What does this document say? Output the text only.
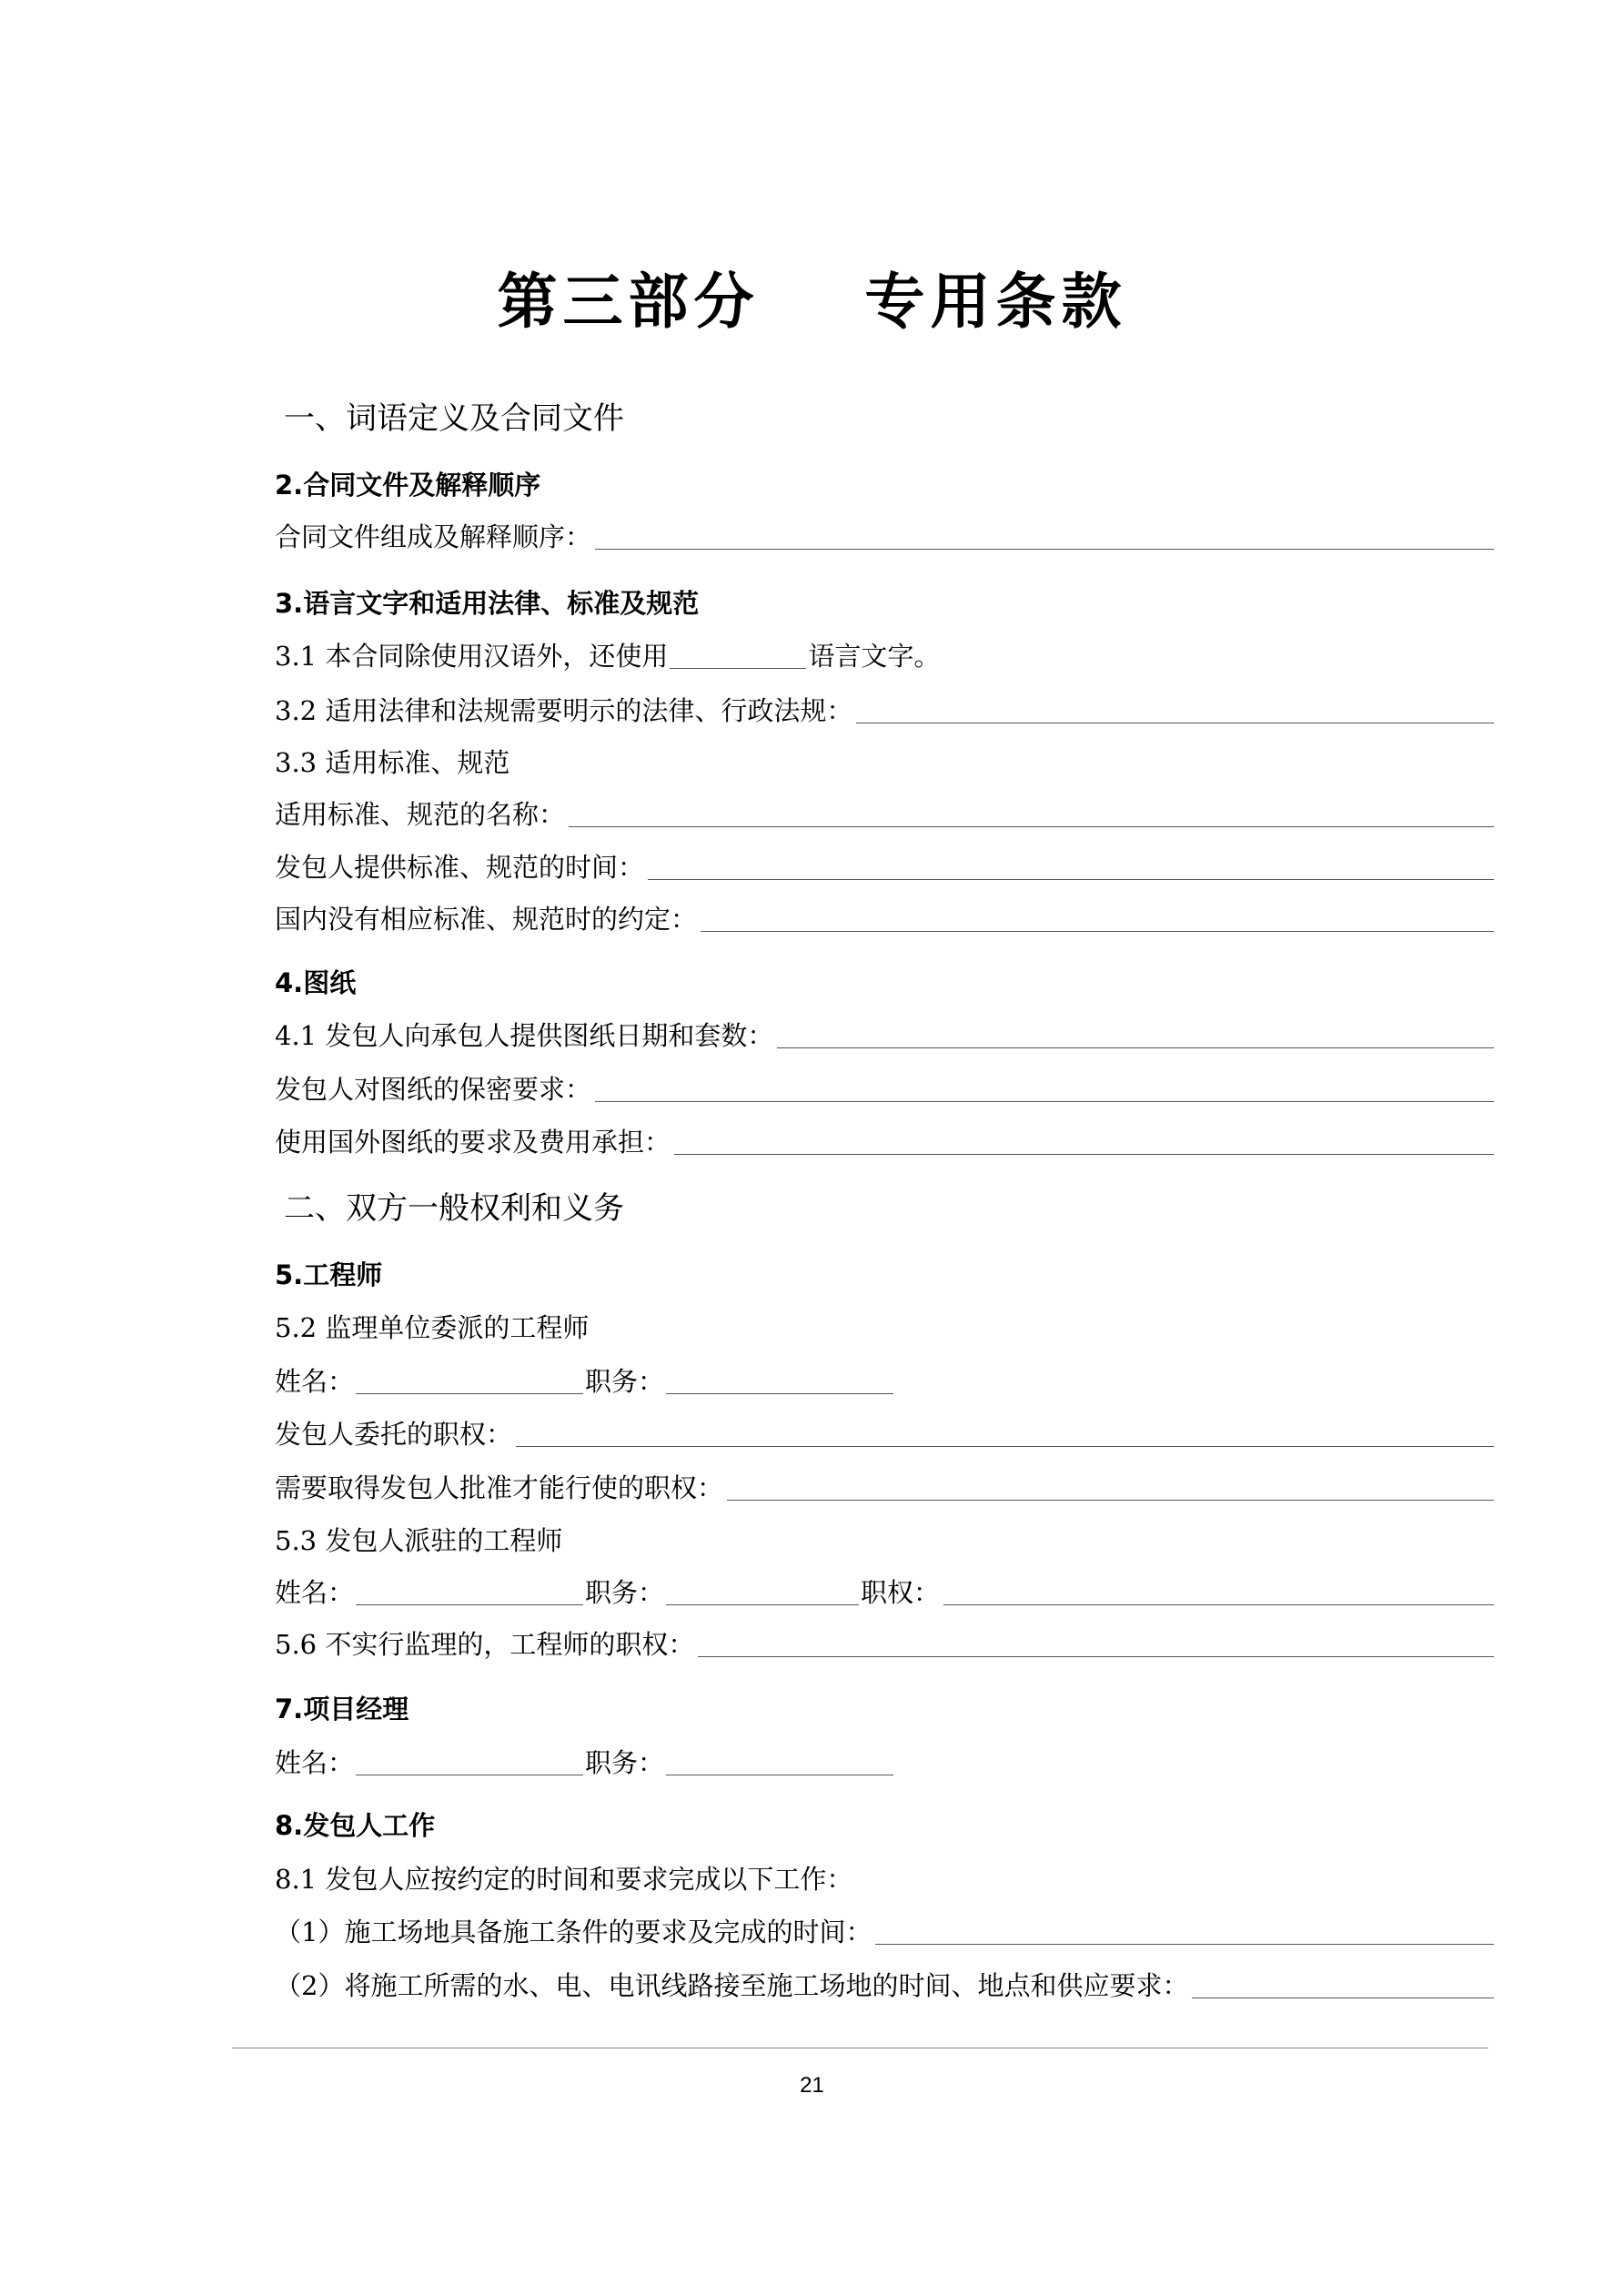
第三部分    专用条款
一、词语定义及合同文件
2.合同文件及解释顺序
合同文件组成及解释顺序：
3.语言文字和适用法律、标准及规范
3.1 本合同除使用汉语外，还使用	语言文字。
3.2 适用法律和法规需要明示的法律、行政法规：
3.3 适用标准、规范
适用标准、规范的名称：
发包人提供标准、规范的时间：
国内没有相应标准、规范时的约定：
4.图纸
4.1 发包人向承包人提供图纸日期和套数：
发包人对图纸的保密要求：
使用国外图纸的要求及费用承担：
二、双方一般权利和义务
5.工程师
5.2 监理单位委派的工程师
姓名：	职务：
发包人委托的职权：
需要取得发包人批准才能行使的职权：
5.3 发包人派驻的工程师
姓名：	职务：	职权：
5.6 不实行监理的，工程师的职权：
7.项目经理
姓名：	职务：
8.发包人工作
8.1 发包人应按约定的时间和要求完成以下工作：
（1）施工场地具备施工条件的要求及完成的时间：
（2）将施工所需的水、电、电讯线路接至施工场地的时间、地点和供应要求：
21
